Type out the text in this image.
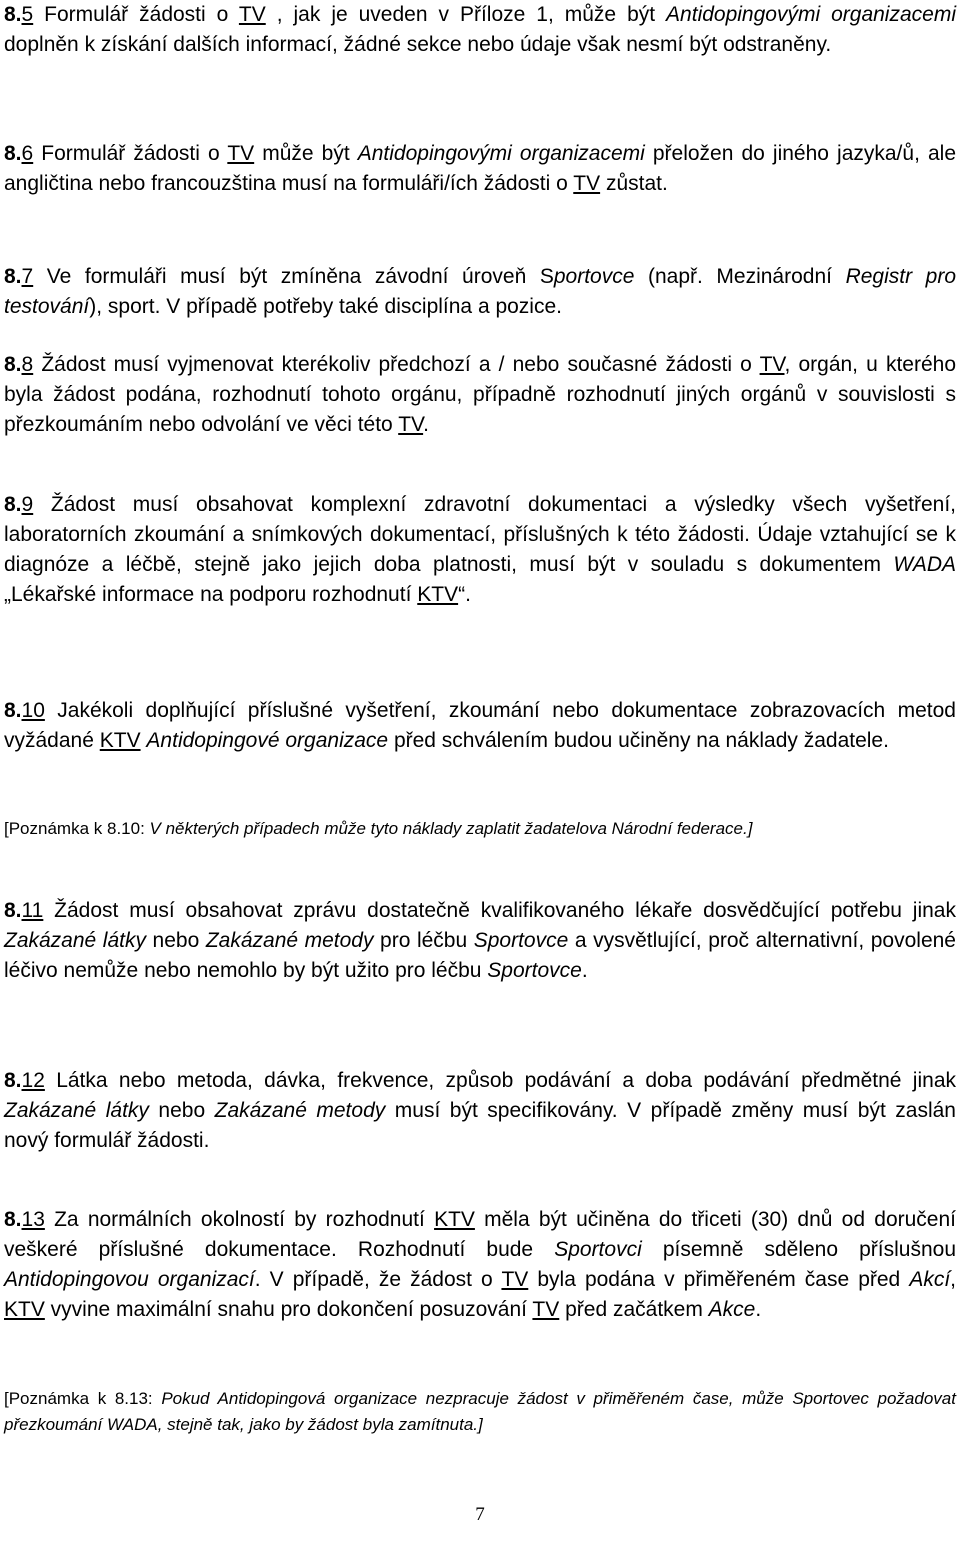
8.5 Formulář žádosti o TV , jak je uveden v Příloze 1, může být Antidopingovými organizacemi doplněn k získání dalších informací, žádné sekce nebo údaje však nesmí být odstraněny.

8.6 Formulář žádosti o TV může být Antidopingovými organizacemi přeložen do jiného jazyka/ů, ale angličtina nebo francouzština musí na formuláři/ích žádosti o TV zůstat.

8.7 Ve formuláři musí být zmíněna závodní úroveň Sportovce (např. Mezinárodní Registr pro testování), sport. V případě potřeby také disciplína a pozice.

8.8 Žádost musí vyjmenovat kterékoliv předchozí a / nebo současné žádosti o TV, orgán, u kterého byla žádost podána, rozhodnutí tohoto orgánu, případně rozhodnutí jiných orgánů v souvislosti s přezkoumáním nebo odvolání ve věci této TV.

8.9 Žádost musí obsahovat komplexní zdravotní dokumentaci a výsledky všech vyšetření, laboratorních zkoumání a snímkových dokumentací, příslušných k této žádosti. Údaje vztahující se k diagnóze a léčbě, stejně jako jejich doba platnosti, musí být v souladu s dokumentem WADA „Lékařské informace na podporu rozhodnutí KTV“.

8.10 Jakékoli doplňující příslušné vyšetření, zkoumání nebo dokumentace zobrazovacích metod vyžádané KTV Antidopingové organizace před schválením budou učiněny na náklady žadatele.

[Poznámka k 8.10: V některých případech může tyto náklady zaplatit žadatelova Národní federace.]

8.11 Žádost musí obsahovat zprávu dostatečně kvalifikovaného lékaře dosvědčující potřebu jinak Zakázané látky nebo Zakázané metody pro léčbu Sportovce a vysvětlující, proč alternativní, povolené léčivo nemůže nebo nemohlo by být užito pro léčbu Sportovce.

8.12 Látka nebo metoda, dávka, frekvence, způsob podávání a doba podávání předmětné jinak Zakázané látky nebo Zakázané metody musí být specifikovány. V případě změny musí být zaslán nový formulář žádosti.

8.13 Za normálních okolností by rozhodnutí KTV měla být učiněna do třiceti (30) dnů od doručení veškeré příslušné dokumentace. Rozhodnutí bude Sportovci písemně sděleno příslušnou Antidopingovou organizací. V případě, že žádost o TV byla podána v přiměřeném čase před Akcí, KTV vyvine maximální snahu pro dokončení posuzování TV před začátkem Akce.

[Poznámka k 8.13: Pokud Antidopingová organizace nezpracuje žádost v přiměřeném čase, může Sportovec požadovat přezkoumání WADA, stejně tak, jako by žádost byla zamítnuta.]

7
